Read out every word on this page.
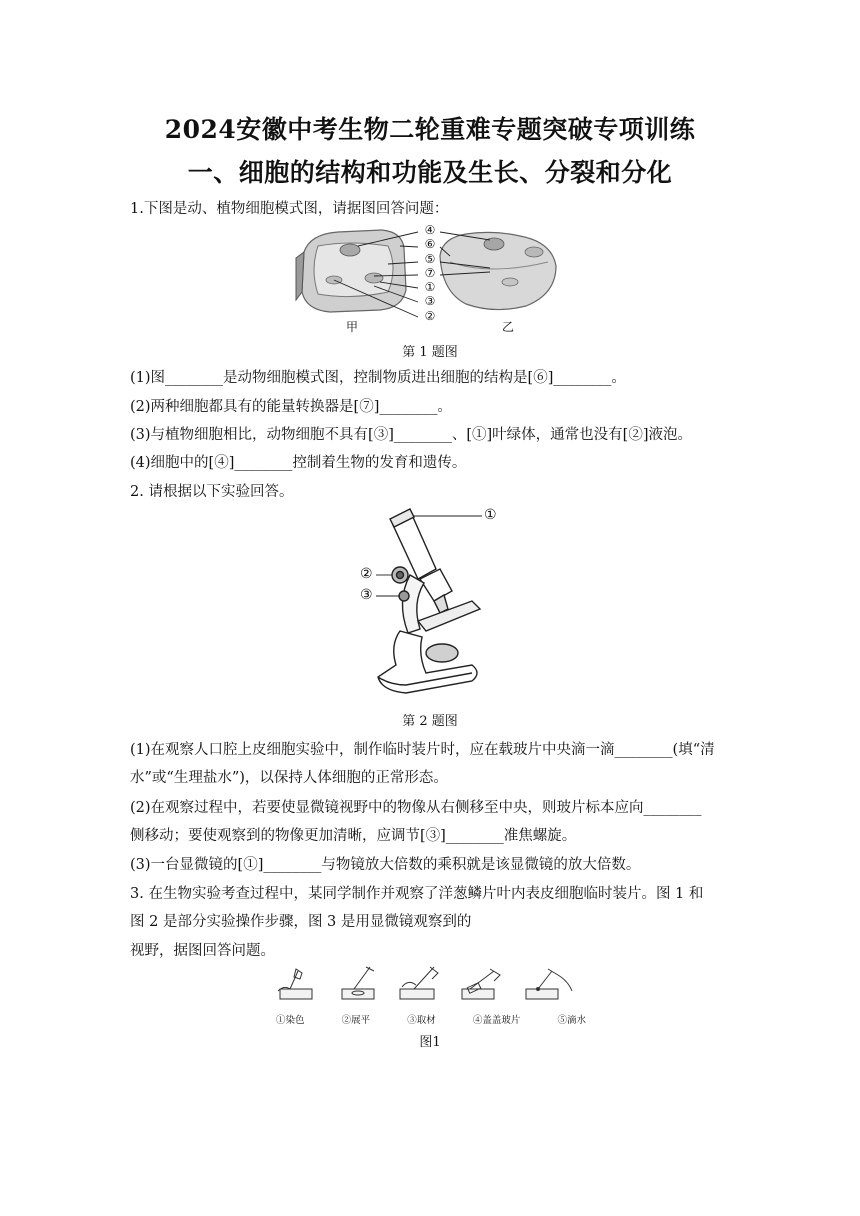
2024安徽中考生物二轮重难专题突破专项训练
一、细胞的结构和功能及生长、分裂和分化
1.下图是动、植物细胞模式图，请据图回答问题：
④
⑥
⑤
⑦
①
③
②
甲	乙
第 1 题图
(1)图________是动物细胞模式图，控制物质进出细胞的结构是[⑥]________。
(2)两种细胞都具有的能量转换器是[⑦]________。
(3)与植物细胞相比，动物细胞不具有[③]________、[①]叶绿体，通常也没有[②]液泡。
(4)细胞中的[④]________控制着生物的发育和遗传。
2. 请根据以下实验回答。
①
②
③
第 2 题图
(1)在观察人口腔上皮细胞实验中，制作临时装片时，应在载玻片中央滴一滴________(填“清
水”或“生理盐水”)，以保持人体细胞的正常形态。
(2)在观察过程中，若要使显微镜视野中的物像从右侧移至中央，则玻片标本应向________
侧移动；要使观察到的物像更加清晰，应调节[③]________准焦螺旋。
(3)一台显微镜的[①]________与物镜放大倍数的乘积就是该显微镜的放大倍数。
3. 在生物实验考查过程中，某同学制作并观察了洋葱鳞片叶内表皮细胞临时装片。图 1 和
图 2 是部分实验操作步骤，图 3 是用显微镜观察到的
视野，据图回答问题。
①染色	②展平	③取材	④盖盖玻片	⑤滴水
图1
